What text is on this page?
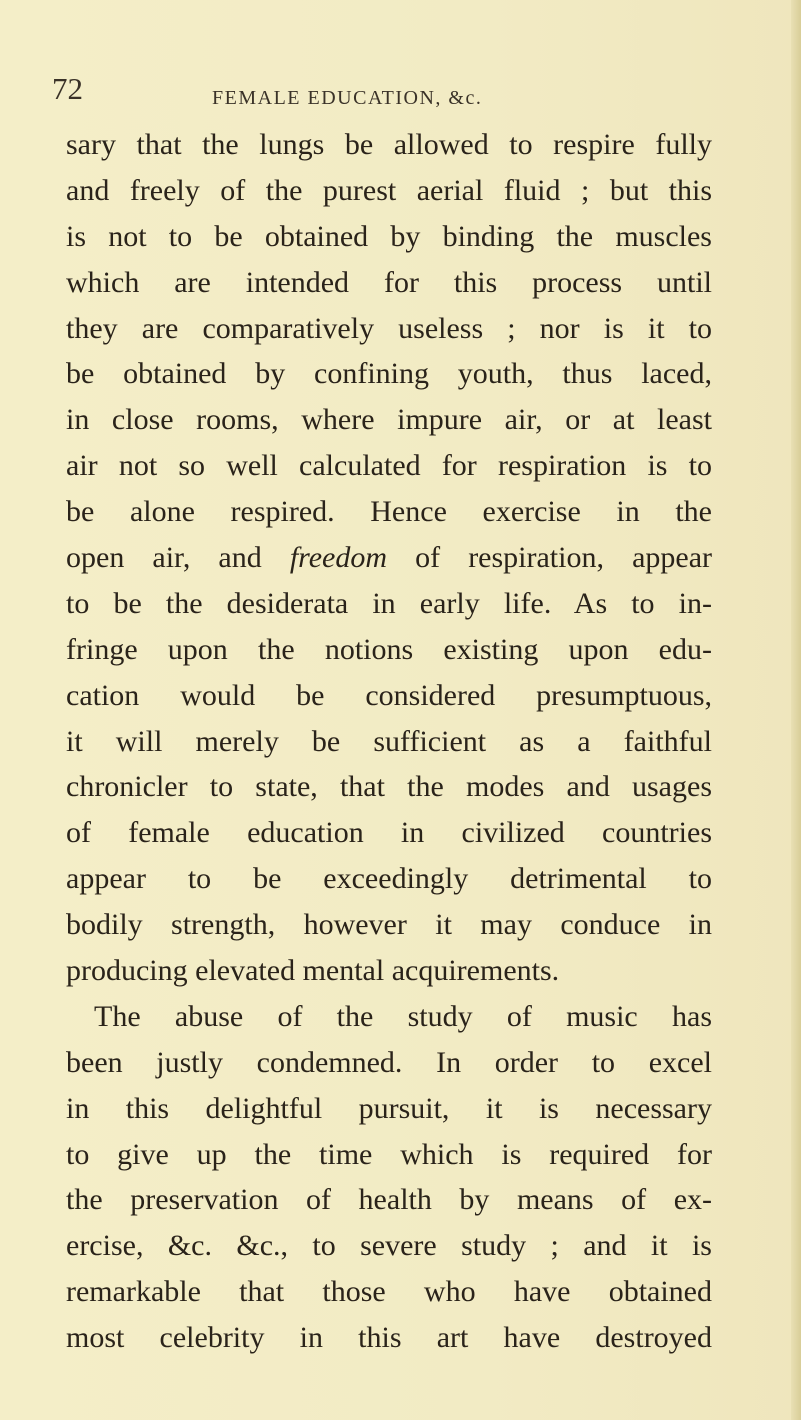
72	FEMALE EDUCATION, &c.
sary that the lungs be allowed to respire fully
and freely of the purest aerial fluid ; but this
is not to be obtained by binding the muscles
which are intended for this process until
they are comparatively useless ; nor is it to
be obtained by confining youth, thus laced,
in close rooms, where impure air, or at least
air not so well calculated for respiration is to
be alone respired. Hence exercise in the
open air, and freedom of respiration, appear
to be the desiderata in early life. As to in-
fringe upon the notions existing upon edu-
cation would be considered presumptuous,
it will merely be sufficient as a faithful
chronicler to state, that the modes and usages
of female education in civilized countries
appear to be exceedingly detrimental to
bodily strength, however it may conduce in
producing elevated mental acquirements.
The abuse of the study of music has
been justly condemned. In order to excel
in this delightful pursuit, it is necessary
to give up the time which is required for
the preservation of health by means of ex-
ercise, &c. &c., to severe study ; and it is
remarkable that those who have obtained
most celebrity in this art have destroyed
